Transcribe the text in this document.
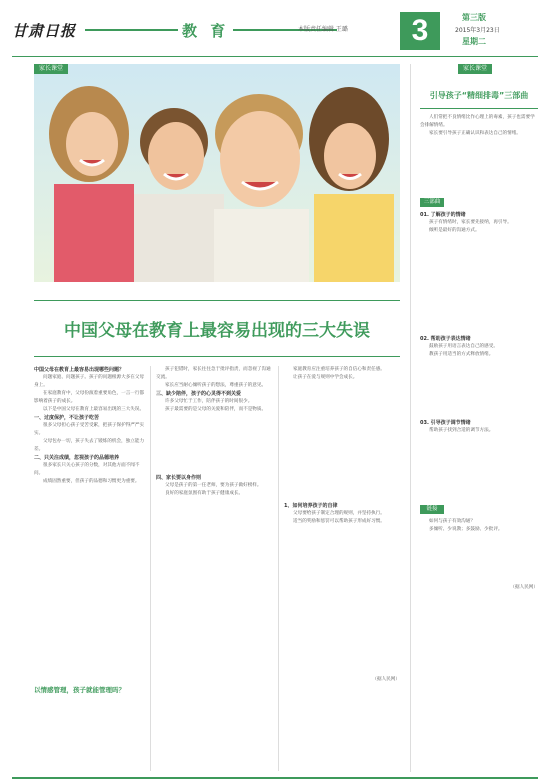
甘肃日报	教 育	本版责任编辑 王璐	3	第三版
2015年3月23日
星期二
家长课堂	家长课堂
中国父母在教育上最容易出现的三大失误
中国父母在教育上最容易出现哪些问题？

问题家庭、问题孩子。孩子的问题根源大多在父母身上。

在家庭教育中，父母扮演着重要角色，一言一行都影响着孩子的成长。

以下是中国父母在教育上最容易出现的三大失误。

一、过度保护，不让孩子吃苦

很多父母担心孩子受苦受累，把孩子保护得严严实实。

父母包办一切，孩子失去了锻炼的机会，独立能力差。

二、只关注成绩，忽视孩子的品德培养

很多家长只关心孩子的分数，对其他方面不闻不问。

成绩固然重要，但孩子的品德和习惯更为重要。

以情感管理，孩子就能管理吗？

孩子犯错时，家长往往急于批评指责，而忽视了沟通交流。

家长应当耐心倾听孩子的想法，尊重孩子的意见。

三、缺少陪伴，孩子的心灵得不到关爱

许多父母忙于工作，陪伴孩子的时间很少。

孩子最需要的是父母的关爱和陪伴，而不是物质。

四、家长要以身作则

父母是孩子的第一任老师，要为孩子做好榜样。

良好的家庭氛围有助于孩子健康成长。

家庭教育应注重培养孩子的自信心和责任感。

让孩子在爱与规则中学会成长。

1、如何培养孩子的自律

父母要给孩子制定合理的规则，并坚持执行。

适当的奖励和惩罚可以帮助孩子形成好习惯。

（据人民网）
引导孩子“精细排毒”三部曲

人们常把不良情绪比作心理上的毒素，孩子也需要学会排解情绪。

家长要引导孩子正确认识和表达自己的情绪。

三部曲
01. 了解孩子的情绪

孩子有情绪时，家长要先接纳，再引导。

倾听是最好的沟通方式。

02. 帮助孩子表达情绪

鼓励孩子用语言表达自己的感受。

教孩子用适当的方式释放情绪。

03. 引导孩子调节情绪

帮助孩子找到合适的调节方法。

链接

如何与孩子有效沟通？

多倾听、少说教；多鼓励、少批评。

（据人民网）
